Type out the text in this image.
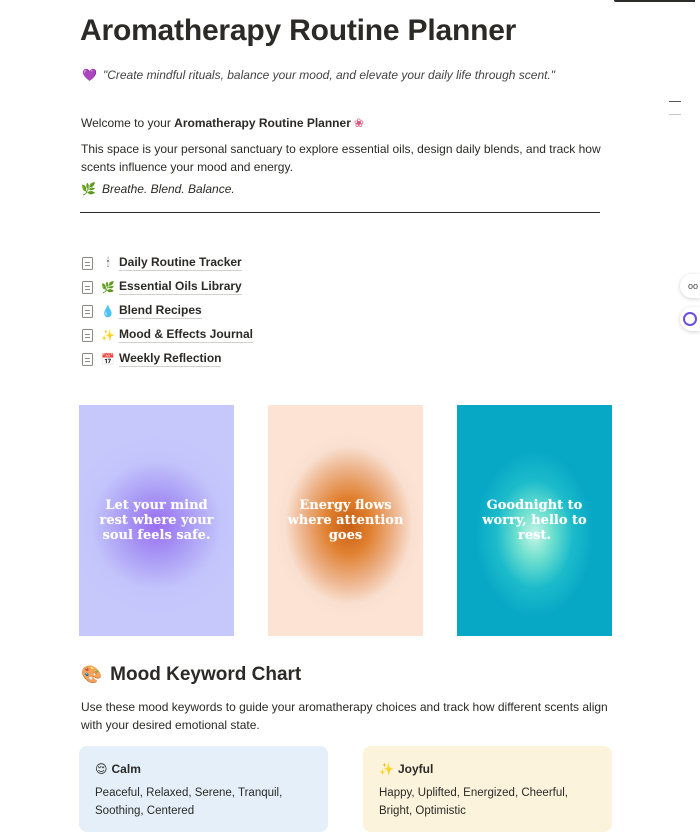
oo
Aromatherapy Routine Planner
💜 "Create mindful rituals, balance your mood, and elevate your daily life through scent."
Welcome to your Aromatherapy Routine Planner ❀

This space is your personal sanctuary to explore essential oils, design daily blends, and track how scents influence your mood and energy.

🌿 Breathe. Blend. Balance.
🕯 Daily Routine Tracker
🌿 Essential Oils Library
💧 Blend Recipes
✨ Mood & Effects Journal
📅 Weekly Reflection
Let your mind rest where your soul feels safe.
Energy flows where attention goes
Goodnight to worry, hello to rest.
🎨 Mood Keyword Chart

Use these mood keywords to guide your aromatherapy choices and track how different scents align with your desired emotional state.

😌 Calm
Peaceful, Relaxed, Serene, Tranquil, Soothing, Centered
✨ Joyful
Happy, Uplifted, Energized, Cheerful, Bright, Optimistic
